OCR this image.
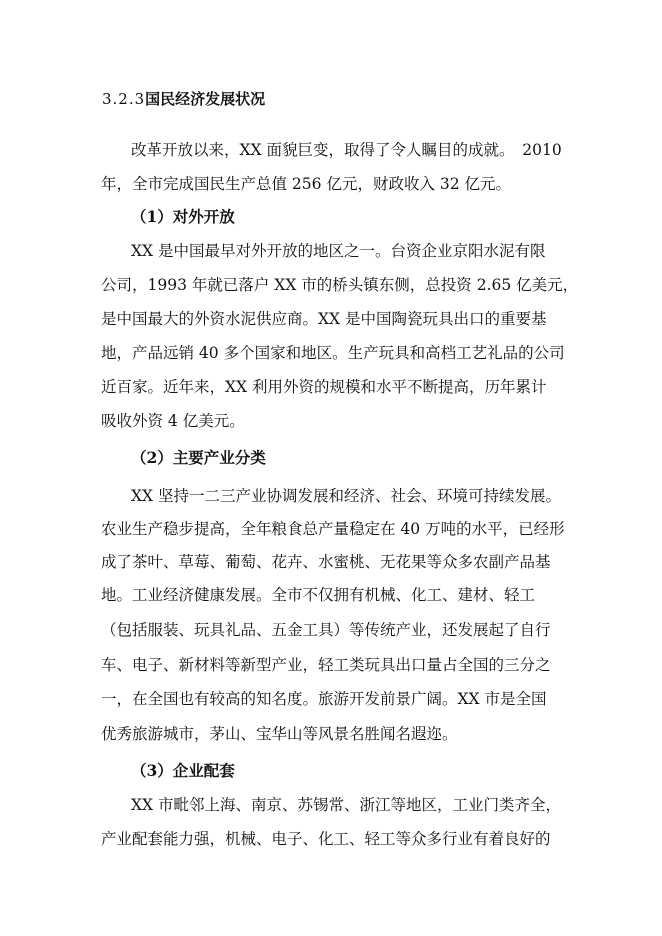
3.2.3国民经济发展状况
改革开放以来，XX 面貌巨变，取得了令人瞩目的成就。　2010
年，全市完成国民生产总值 256 亿元，财政收入 32 亿元。
（1）对外开放
XX 是中国最早对外开放的地区之一。台资企业京阳水泥有限
公司，1993 年就已落户 XX 市的桥头镇东侧，总投资 2.65 亿美元，
是中国最大的外资水泥供应商。XX 是中国陶瓷玩具出口的重要基
地，产品远销 40 多个国家和地区。生产玩具和高档工艺礼品的公司
近百家。近年来，XX 利用外资的规模和水平不断提高，历年累计
吸收外资 4 亿美元。
（2）主要产业分类
XX 坚持一二三产业协调发展和经济、社会、环境可持续发展。
农业生产稳步提高，全年粮食总产量稳定在 40 万吨的水平，已经形
成了茶叶、草莓、葡萄、花卉、水蜜桃、无花果等众多农副产品基
地。工业经济健康发展。全市不仅拥有机械、化工、建材、轻工
（包括服装、玩具礼品、五金工具）等传统产业，还发展起了自行
车、电子、新材料等新型产业，轻工类玩具出口量占全国的三分之
一，在全国也有较高的知名度。旅游开发前景广阔。XX 市是全国
优秀旅游城市，茅山、宝华山等风景名胜闻名遐迩。
（3）企业配套
XX 市毗邻上海、南京、苏锡常、浙江等地区，工业门类齐全，
产业配套能力强，机械、电子、化工、轻工等众多行业有着良好的
